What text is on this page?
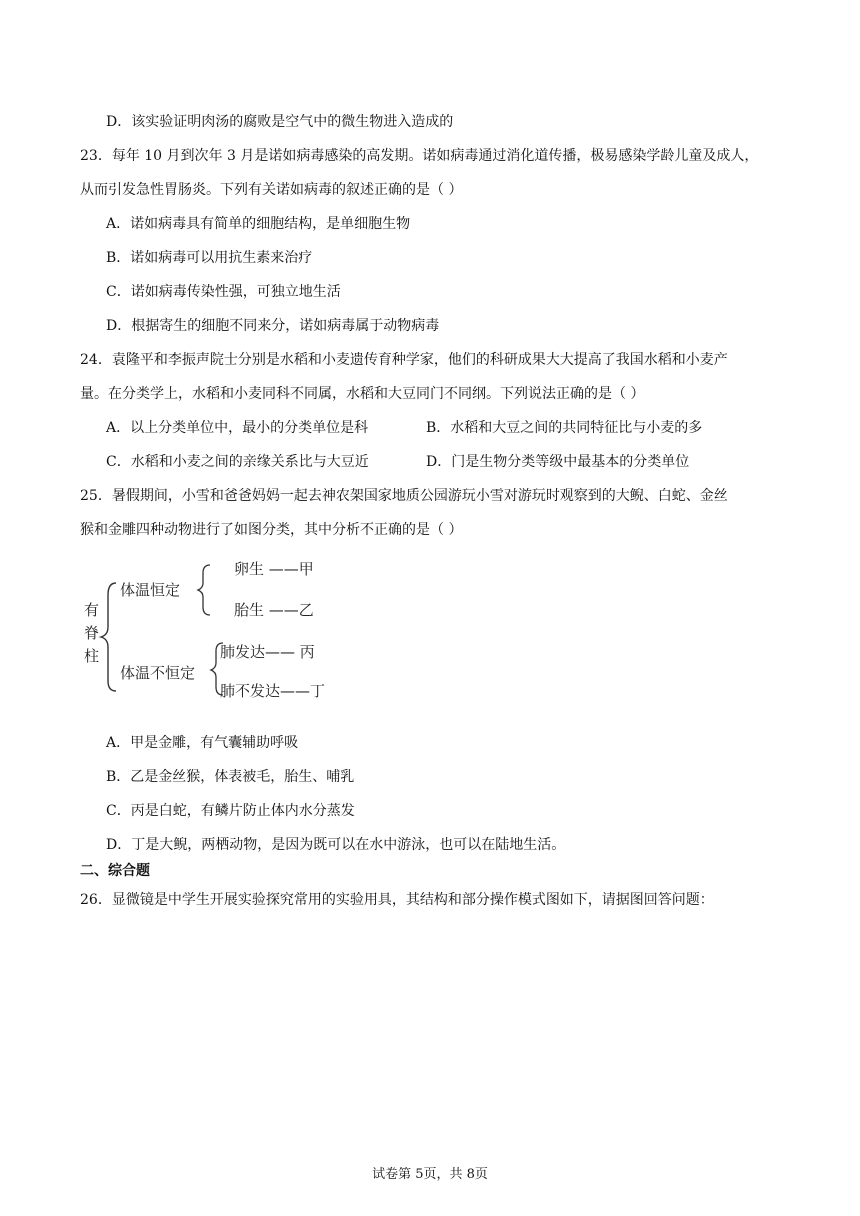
D．该实验证明肉汤的腐败是空气中的微生物进入造成的
23．每年 10 月到次年 3 月是诺如病毒感染的高发期。诺如病毒通过消化道传播，极易感染学龄儿童及成人，
从而引发急性胃肠炎。下列有关诺如病毒的叙述正确的是（ ）
A．诺如病毒具有简单的细胞结构，是单细胞生物
B．诺如病毒可以用抗生素来治疗
C．诺如病毒传染性强，可独立地生活
D．根据寄生的细胞不同来分，诺如病毒属于动物病毒
24．袁隆平和李振声院士分别是水稻和小麦遗传育种学家，他们的科研成果大大提高了我国水稻和小麦产
量。在分类学上，水稻和小麦同科不同属，水稻和大豆同门不同纲。下列说法正确的是（ ）
A．以上分类单位中，最小的分类单位是科	B．水稻和大豆之间的共同特征比与小麦的多
C．水稻和小麦之间的亲缘关系比与大豆近	D．门是生物分类等级中最基本的分类单位
25．暑假期间，小雪和爸爸妈妈一起去神农架国家地质公园游玩小雪对游玩时观察到的大鲵、白蛇、金丝
猴和金雕四种动物进行了如图分类，其中分析不正确的是（ ）
有
脊
柱
体温恒定
卵生 ——甲
胎生 ——乙
体温不恒定
肺发达—— 丙
肺不发达——丁
A．甲是金雕，有气囊辅助呼吸
B．乙是金丝猴，体表被毛，胎生、哺乳
C．丙是白蛇，有鳞片防止体内水分蒸发
D．丁是大鲵，两栖动物，是因为既可以在水中游泳，也可以在陆地生活。
二、综合题
26．显微镜是中学生开展实验探究常用的实验用具，其结构和部分操作模式图如下，请据图回答问题：
试卷第 5页，共 8页
